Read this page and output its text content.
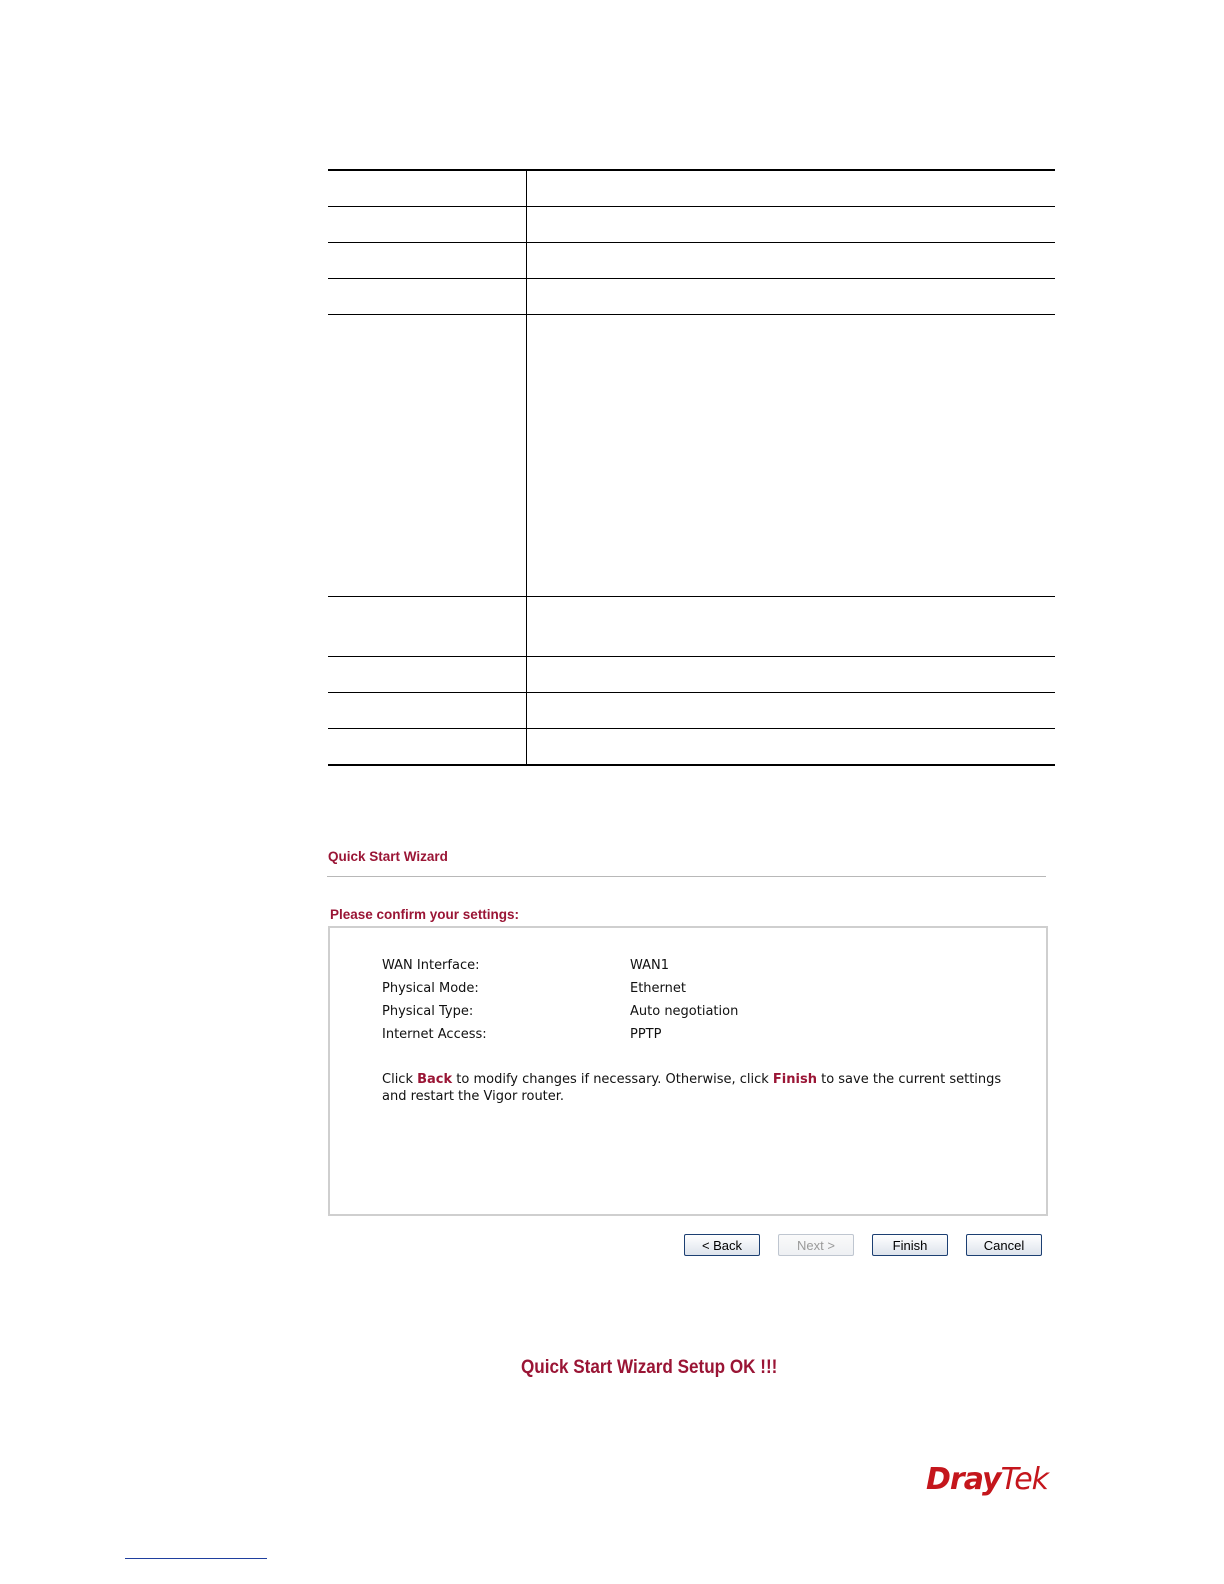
Quick Start Wizard
Please confirm your settings:
WAN Interface:	WAN1
Physical Mode:	Ethernet
Physical Type:	Auto negotiation
Internet Access:	PPTP
Click Back to modify changes if necessary. Otherwise, click Finish to save the current settings and restart the Vigor router.
< Back	Next >	Finish	Cancel
Quick Start Wizard Setup OK !!!
DrayTek
